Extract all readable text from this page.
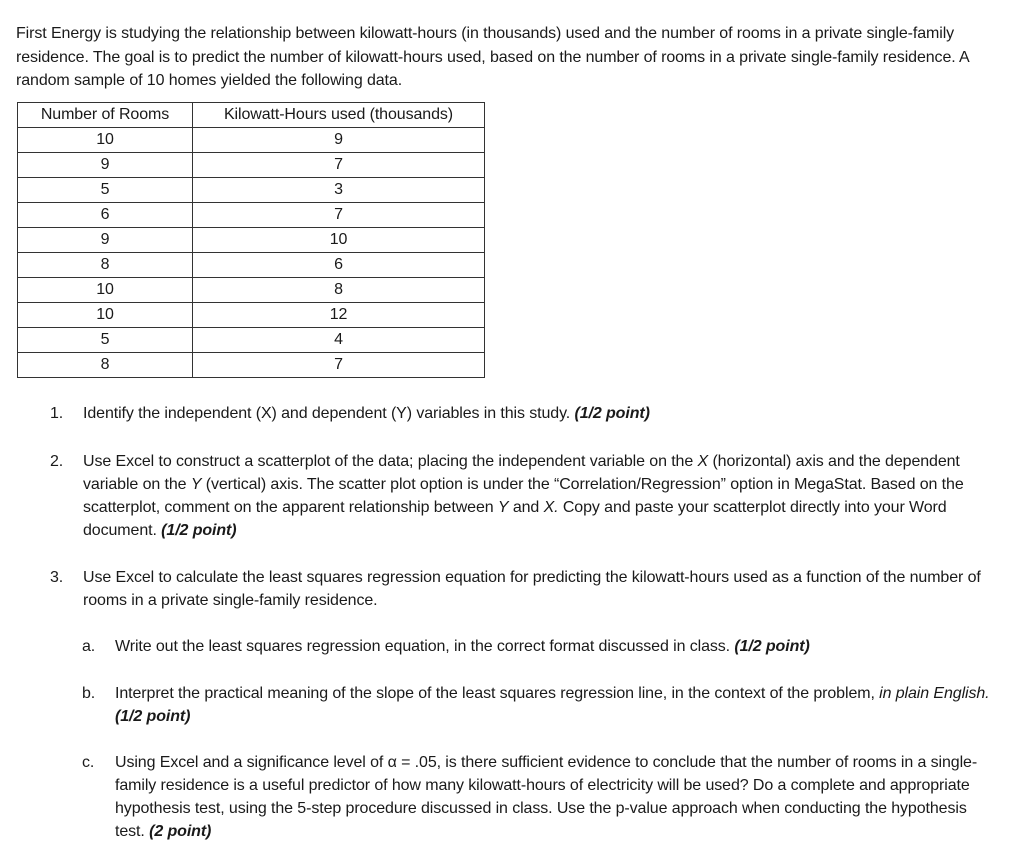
First Energy is studying the relationship between kilowatt-hours (in thousands) used and the number of rooms in a private single-family residence. The goal is to predict the number of kilowatt-hours used, based on the number of rooms in a private single-family residence. A random sample of 10 homes yielded the following data.

Number of Rooms	Kilowatt-Hours used (thousands)
10	9
9	7
5	3
6	7
9	10
8	6
10	8
10	12
5	4
8	7
1. Identify the independent (X) and dependent (Y) variables in this study. (1/2 point)
2. Use Excel to construct a scatterplot of the data; placing the independent variable on the X (horizontal) axis and the dependent variable on the Y (vertical) axis. The scatter plot option is under the “Correlation/Regression” option in MegaStat. Based on the scatterplot, comment on the apparent relationship between Y and X. Copy and paste your scatterplot directly into your Word document. (1/2 point)
3. Use Excel to calculate the least squares regression equation for predicting the kilowatt-hours used as a function of the number of rooms in a private single-family residence.
a. Write out the least squares regression equation, in the correct format discussed in class. (1/2 point)
b. Interpret the practical meaning of the slope of the least squares regression line, in the context of the problem, in plain English. (1/2 point)
c. Using Excel and a significance level of α = .05, is there sufficient evidence to conclude that the number of rooms in a single-family residence is a useful predictor of how many kilowatt-hours of electricity will be used? Do a complete and appropriate hypothesis test, using the 5-step procedure discussed in class. Use the p-value approach when conducting the hypothesis test. (2 point)
